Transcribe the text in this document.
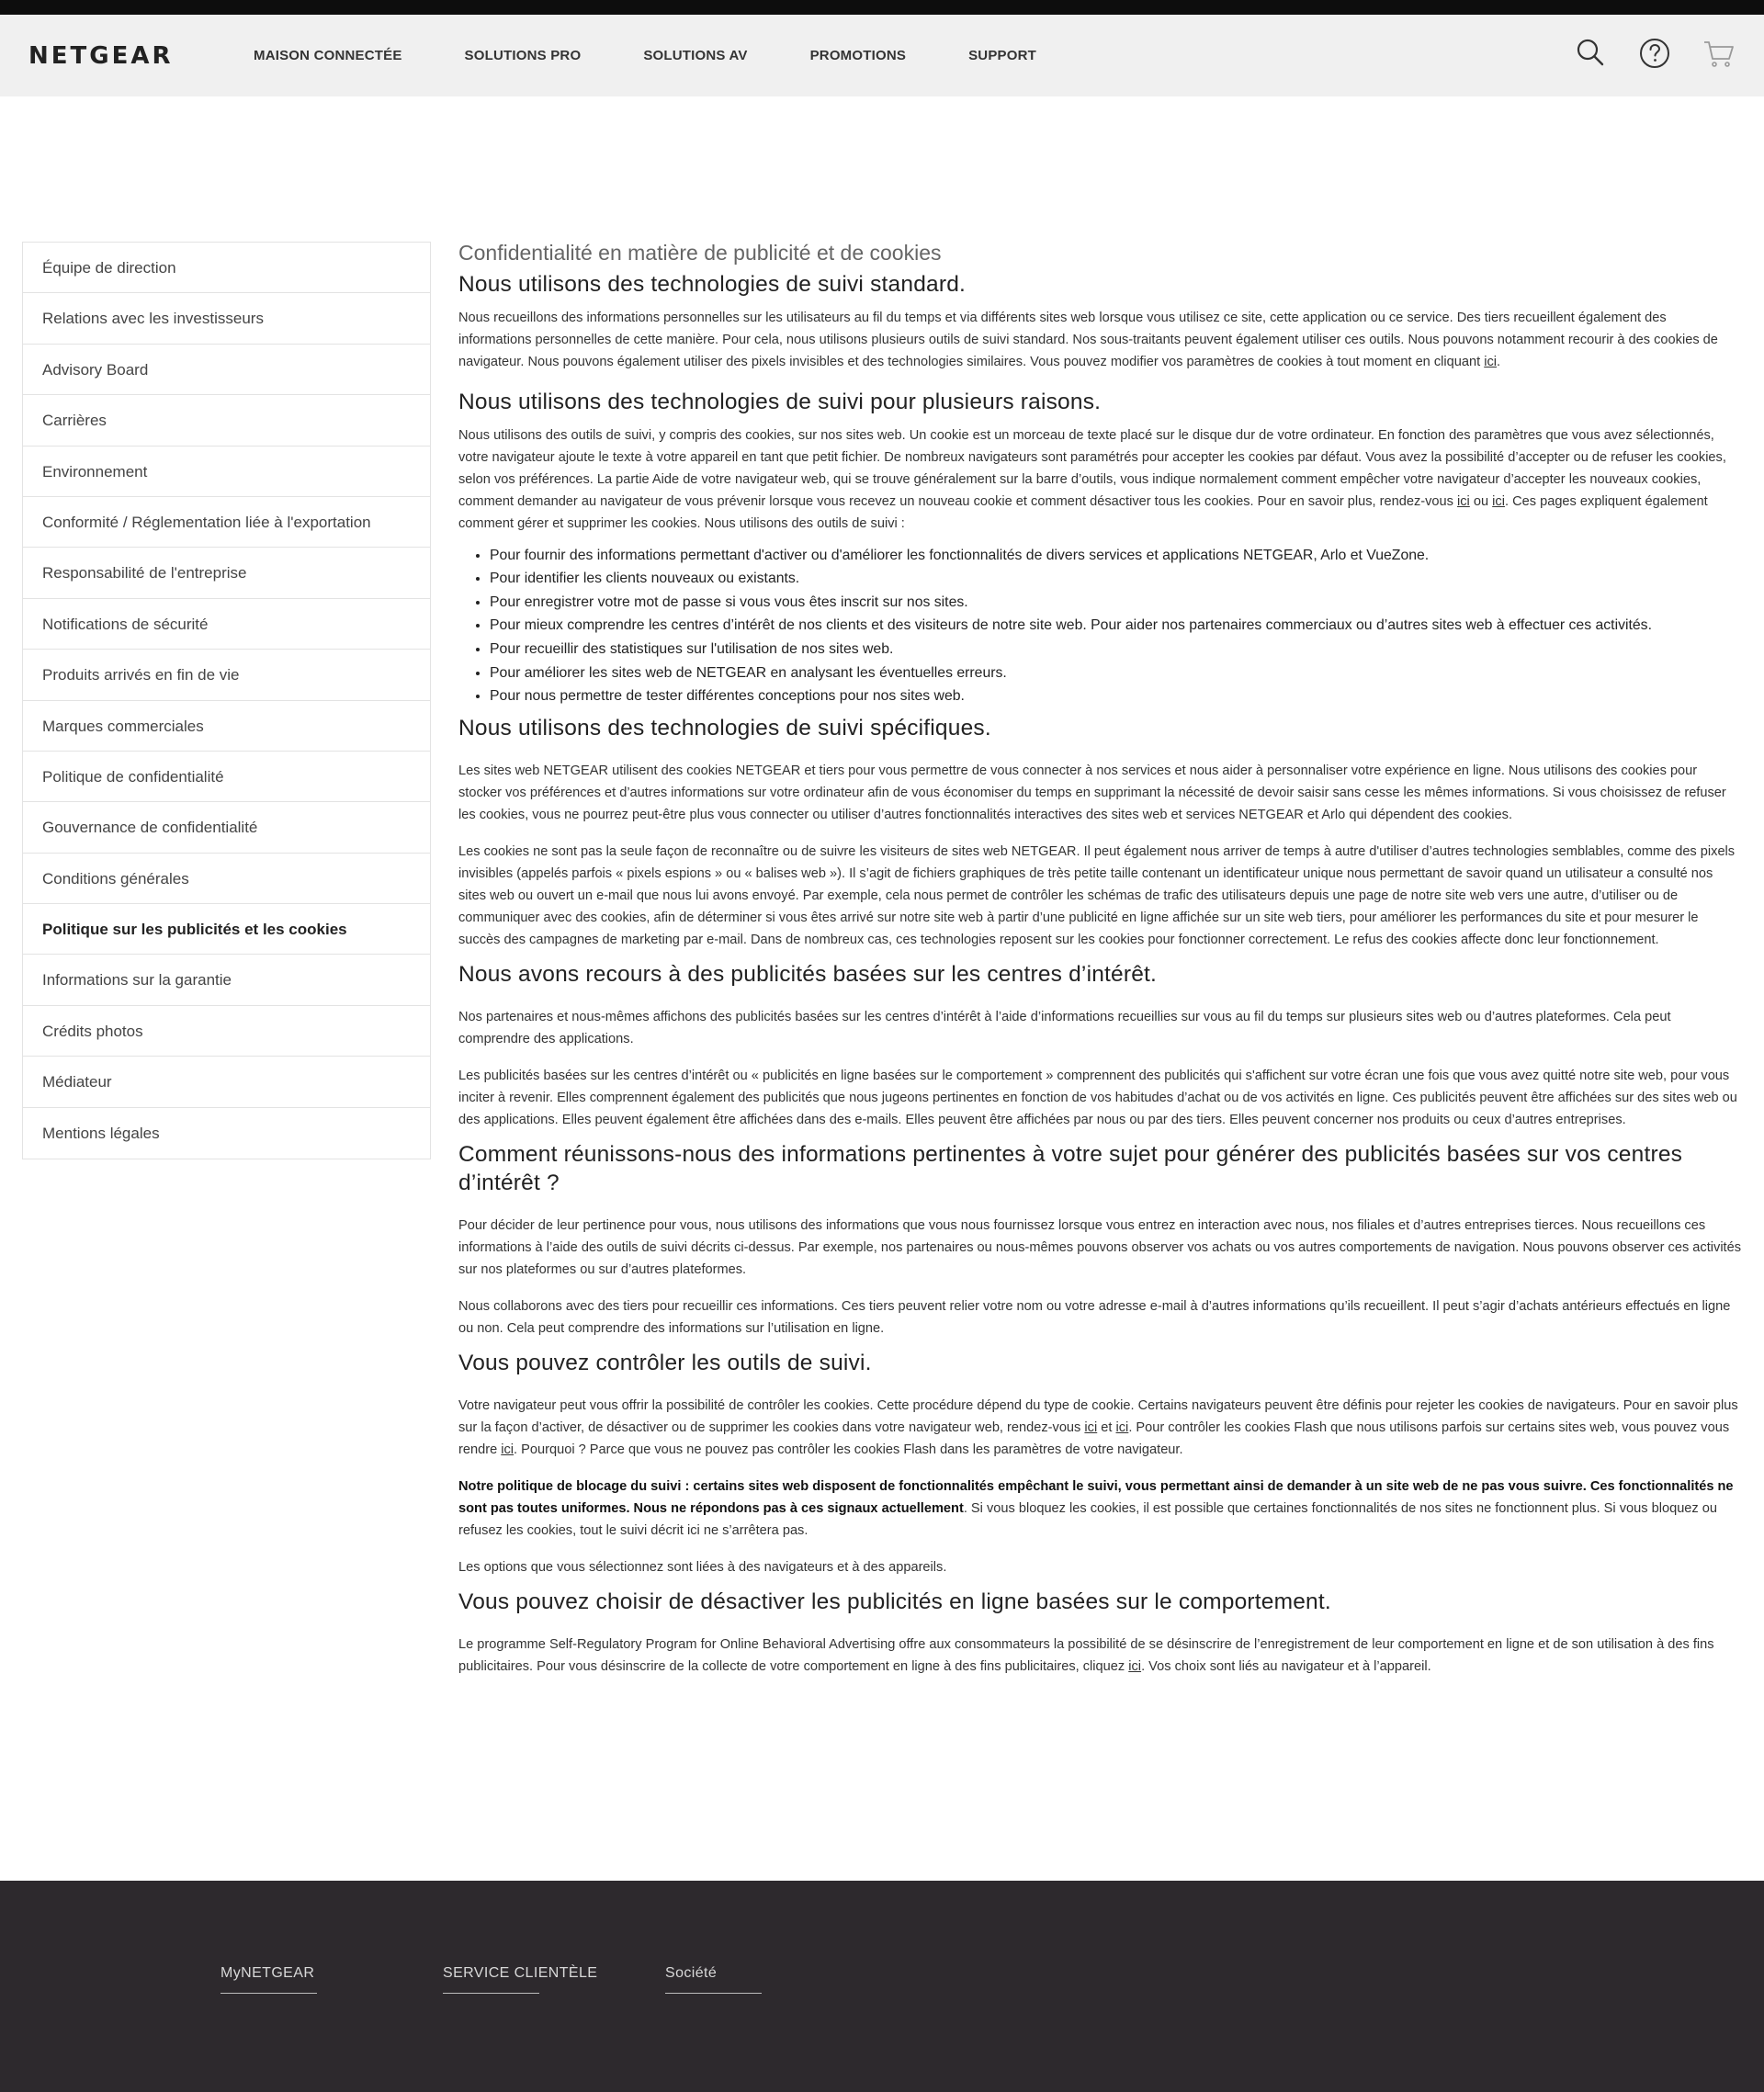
NETGEAR	MAISON CONNECTÉE	SOLUTIONS PRO	SOLUTIONS AV	PROMOTIONS	SUPPORT
Équipe de direction
Relations avec les investisseurs
Advisory Board
Carrières
Environnement
Conformité / Réglementation liée à l'exportation
Responsabilité de l'entreprise
Notifications de sécurité
Produits arrivés en fin de vie
Marques commerciales
Politique de confidentialité
Gouvernance de confidentialité
Conditions générales
Politique sur les publicités et les cookies
Informations sur la garantie
Crédits photos
Médiateur
Mentions légales
Confidentialité en matière de publicité et de cookies
Nous utilisons des technologies de suivi standard.

Nous recueillons des informations personnelles sur les utilisateurs au fil du temps et via différents sites web lorsque vous utilisez ce site, cette application ou ce service. Des tiers recueillent également des informations personnelles de cette manière. Pour cela, nous utilisons plusieurs outils de suivi standard. Nos sous-traitants peuvent également utiliser ces outils. Nous pouvons notamment recourir à des cookies de navigateur. Nous pouvons également utiliser des pixels invisibles et des technologies similaires. Vous pouvez modifier vos paramètres de cookies à tout moment en cliquant ici.

Nous utilisons des technologies de suivi pour plusieurs raisons.

Nous utilisons des outils de suivi, y compris des cookies, sur nos sites web. Un cookie est un morceau de texte placé sur le disque dur de votre ordinateur. En fonction des paramètres que vous avez sélectionnés, votre navigateur ajoute le texte à votre appareil en tant que petit fichier. De nombreux navigateurs sont paramétrés pour accepter les cookies par défaut. Vous avez la possibilité d’accepter ou de refuser les cookies, selon vos préférences. La partie Aide de votre navigateur web, qui se trouve généralement sur la barre d’outils, vous indique normalement comment empêcher votre navigateur d’accepter les nouveaux cookies, comment demander au navigateur de vous prévenir lorsque vous recevez un nouveau cookie et comment désactiver tous les cookies. Pour en savoir plus, rendez-vous ici ou ici. Ces pages expliquent également comment gérer et supprimer les cookies. Nous utilisons des outils de suivi :

• Pour fournir des informations permettant d'activer ou d'améliorer les fonctionnalités de divers services et applications NETGEAR, Arlo et VueZone.
• Pour identifier les clients nouveaux ou existants.
• Pour enregistrer votre mot de passe si vous vous êtes inscrit sur nos sites.
• Pour mieux comprendre les centres d’intérêt de nos clients et des visiteurs de notre site web. Pour aider nos partenaires commerciaux ou d’autres sites web à effectuer ces activités.
• Pour recueillir des statistiques sur l'utilisation de nos sites web.
• Pour améliorer les sites web de NETGEAR en analysant les éventuelles erreurs.
• Pour nous permettre de tester différentes conceptions pour nos sites web.
Nous utilisons des technologies de suivi spécifiques.

Les sites web NETGEAR utilisent des cookies NETGEAR et tiers pour vous permettre de vous connecter à nos services et nous aider à personnaliser votre expérience en ligne. Nous utilisons des cookies pour stocker vos préférences et d’autres informations sur votre ordinateur afin de vous économiser du temps en supprimant la nécessité de devoir saisir sans cesse les mêmes informations. Si vous choisissez de refuser les cookies, vous ne pourrez peut-être plus vous connecter ou utiliser d’autres fonctionnalités interactives des sites web et services NETGEAR et Arlo qui dépendent des cookies.

Les cookies ne sont pas la seule façon de reconnaître ou de suivre les visiteurs de sites web NETGEAR. Il peut également nous arriver de temps à autre d'utiliser d’autres technologies semblables, comme des pixels invisibles (appelés parfois « pixels espions » ou « balises web »). Il s’agit de fichiers graphiques de très petite taille contenant un identificateur unique nous permettant de savoir quand un utilisateur a consulté nos sites web ou ouvert un e-mail que nous lui avons envoyé. Par exemple, cela nous permet de contrôler les schémas de trafic des utilisateurs depuis une page de notre site web vers une autre, d’utiliser ou de communiquer avec des cookies, afin de déterminer si vous êtes arrivé sur notre site web à partir d’une publicité en ligne affichée sur un site web tiers, pour améliorer les performances du site et pour mesurer le succès des campagnes de marketing par e-mail. Dans de nombreux cas, ces technologies reposent sur les cookies pour fonctionner correctement. Le refus des cookies affecte donc leur fonctionnement.

Nous avons recours à des publicités basées sur les centres d’intérêt.

Nos partenaires et nous-mêmes affichons des publicités basées sur les centres d’intérêt à l’aide d’informations recueillies sur vous au fil du temps sur plusieurs sites web ou d’autres plateformes. Cela peut comprendre des applications.

Les publicités basées sur les centres d’intérêt ou « publicités en ligne basées sur le comportement » comprennent des publicités qui s'affichent sur votre écran une fois que vous avez quitté notre site web, pour vous inciter à revenir. Elles comprennent également des publicités que nous jugeons pertinentes en fonction de vos habitudes d’achat ou de vos activités en ligne. Ces publicités peuvent être affichées sur des sites web ou des applications. Elles peuvent également être affichées dans des e-mails. Elles peuvent être affichées par nous ou par des tiers. Elles peuvent concerner nos produits ou ceux d’autres entreprises.

Comment réunissons-nous des informations pertinentes à votre sujet pour générer des publicités basées sur vos centres d’intérêt ?

Pour décider de leur pertinence pour vous, nous utilisons des informations que vous nous fournissez lorsque vous entrez en interaction avec nous, nos filiales et d’autres entreprises tierces. Nous recueillons ces informations à l’aide des outils de suivi décrits ci-dessus. Par exemple, nos partenaires ou nous-mêmes pouvons observer vos achats ou vos autres comportements de navigation. Nous pouvons observer ces activités sur nos plateformes ou sur d’autres plateformes.

Nous collaborons avec des tiers pour recueillir ces informations. Ces tiers peuvent relier votre nom ou votre adresse e-mail à d’autres informations qu’ils recueillent. Il peut s’agir d’achats antérieurs effectués en ligne ou non. Cela peut comprendre des informations sur l’utilisation en ligne.

Vous pouvez contrôler les outils de suivi.

Votre navigateur peut vous offrir la possibilité de contrôler les cookies. Cette procédure dépend du type de cookie. Certains navigateurs peuvent être définis pour rejeter les cookies de navigateurs. Pour en savoir plus sur la façon d’activer, de désactiver ou de supprimer les cookies dans votre navigateur web, rendez-vous ici et ici. Pour contrôler les cookies Flash que nous utilisons parfois sur certains sites web, vous pouvez vous rendre ici. Pourquoi ? Parce que vous ne pouvez pas contrôler les cookies Flash dans les paramètres de votre navigateur.

Notre politique de blocage du suivi : certains sites web disposent de fonctionnalités empêchant le suivi, vous permettant ainsi de demander à un site web de ne pas vous suivre. Ces fonctionnalités ne sont pas toutes uniformes. Nous ne répondons pas à ces signaux actuellement. Si vous bloquez les cookies, il est possible que certaines fonctionnalités de nos sites ne fonctionnent plus. Si vous bloquez ou refusez les cookies, tout le suivi décrit ici ne s’arrêtera pas.

Les options que vous sélectionnez sont liées à des navigateurs et à des appareils.

Vous pouvez choisir de désactiver les publicités en ligne basées sur le comportement.

Le programme Self-Regulatory Program for Online Behavioral Advertising offre aux consommateurs la possibilité de se désinscrire de l’enregistrement de leur comportement en ligne et de son utilisation à des fins publicitaires. Pour vous désinscrire de la collecte de votre comportement en ligne à des fins publicitaires, cliquez ici. Vos choix sont liés au navigateur et à l’appareil.

MyNETGEAR	SERVICE CLIENTÈLE	Société
